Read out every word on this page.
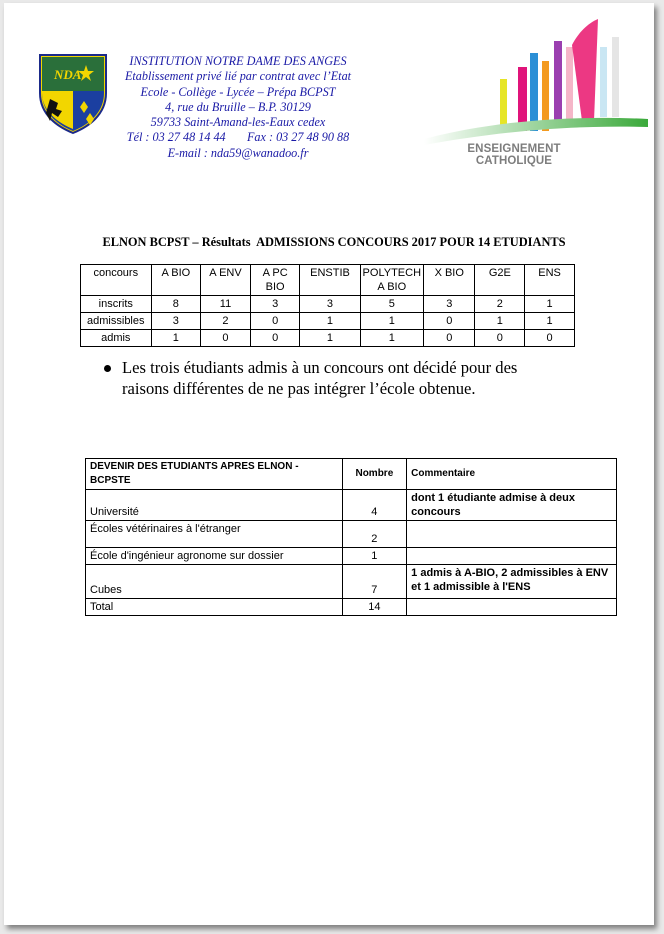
NDA
INSTITUTION NOTRE DAME DES ANGES
Etablissement privé lié par contrat avec l’Etat
Ecole - Collège - Lycée – Prépa BCPST
4, rue du Bruille – B.P. 30129
59733 Saint-Amand-les-Eaux cedex
Tél : 03 27 48 14 44       Fax : 03 27 48 90 88
E-mail : nda59@wanadoo.fr	ENSEIGNEMENT CATHOLIQUE
ELNON BCPST – Résultats  ADMISSIONS CONCOURS 2017 POUR 14 ETUDIANTS
concours	A BIO	A ENV	A PC BIO	ENSTIB	POLYTECH A BIO	X BIO	G2E	ENS
inscrits	8	11	3	3	5	3	2	1
admissibles	3	2	0	1	1	0	1	1
admis	1	0	0	1	1	0	0	0
Les trois étudiants admis à un concours ont décidé pour des raisons différentes de ne pas intégrer l’école obtenue.
DEVENIR DES ETUDIANTS APRES ELNON - BCPSTE	Nombre	Commentaire
Université	4	dont 1 étudiante admise à deux concours
Écoles vétérinaires à l'étranger	2	
École d'ingénieur agronome sur dossier	1	
Cubes	7	1 admis à A-BIO, 2 admissibles à ENV et 1 admissible à l'ENS
Total	14	
